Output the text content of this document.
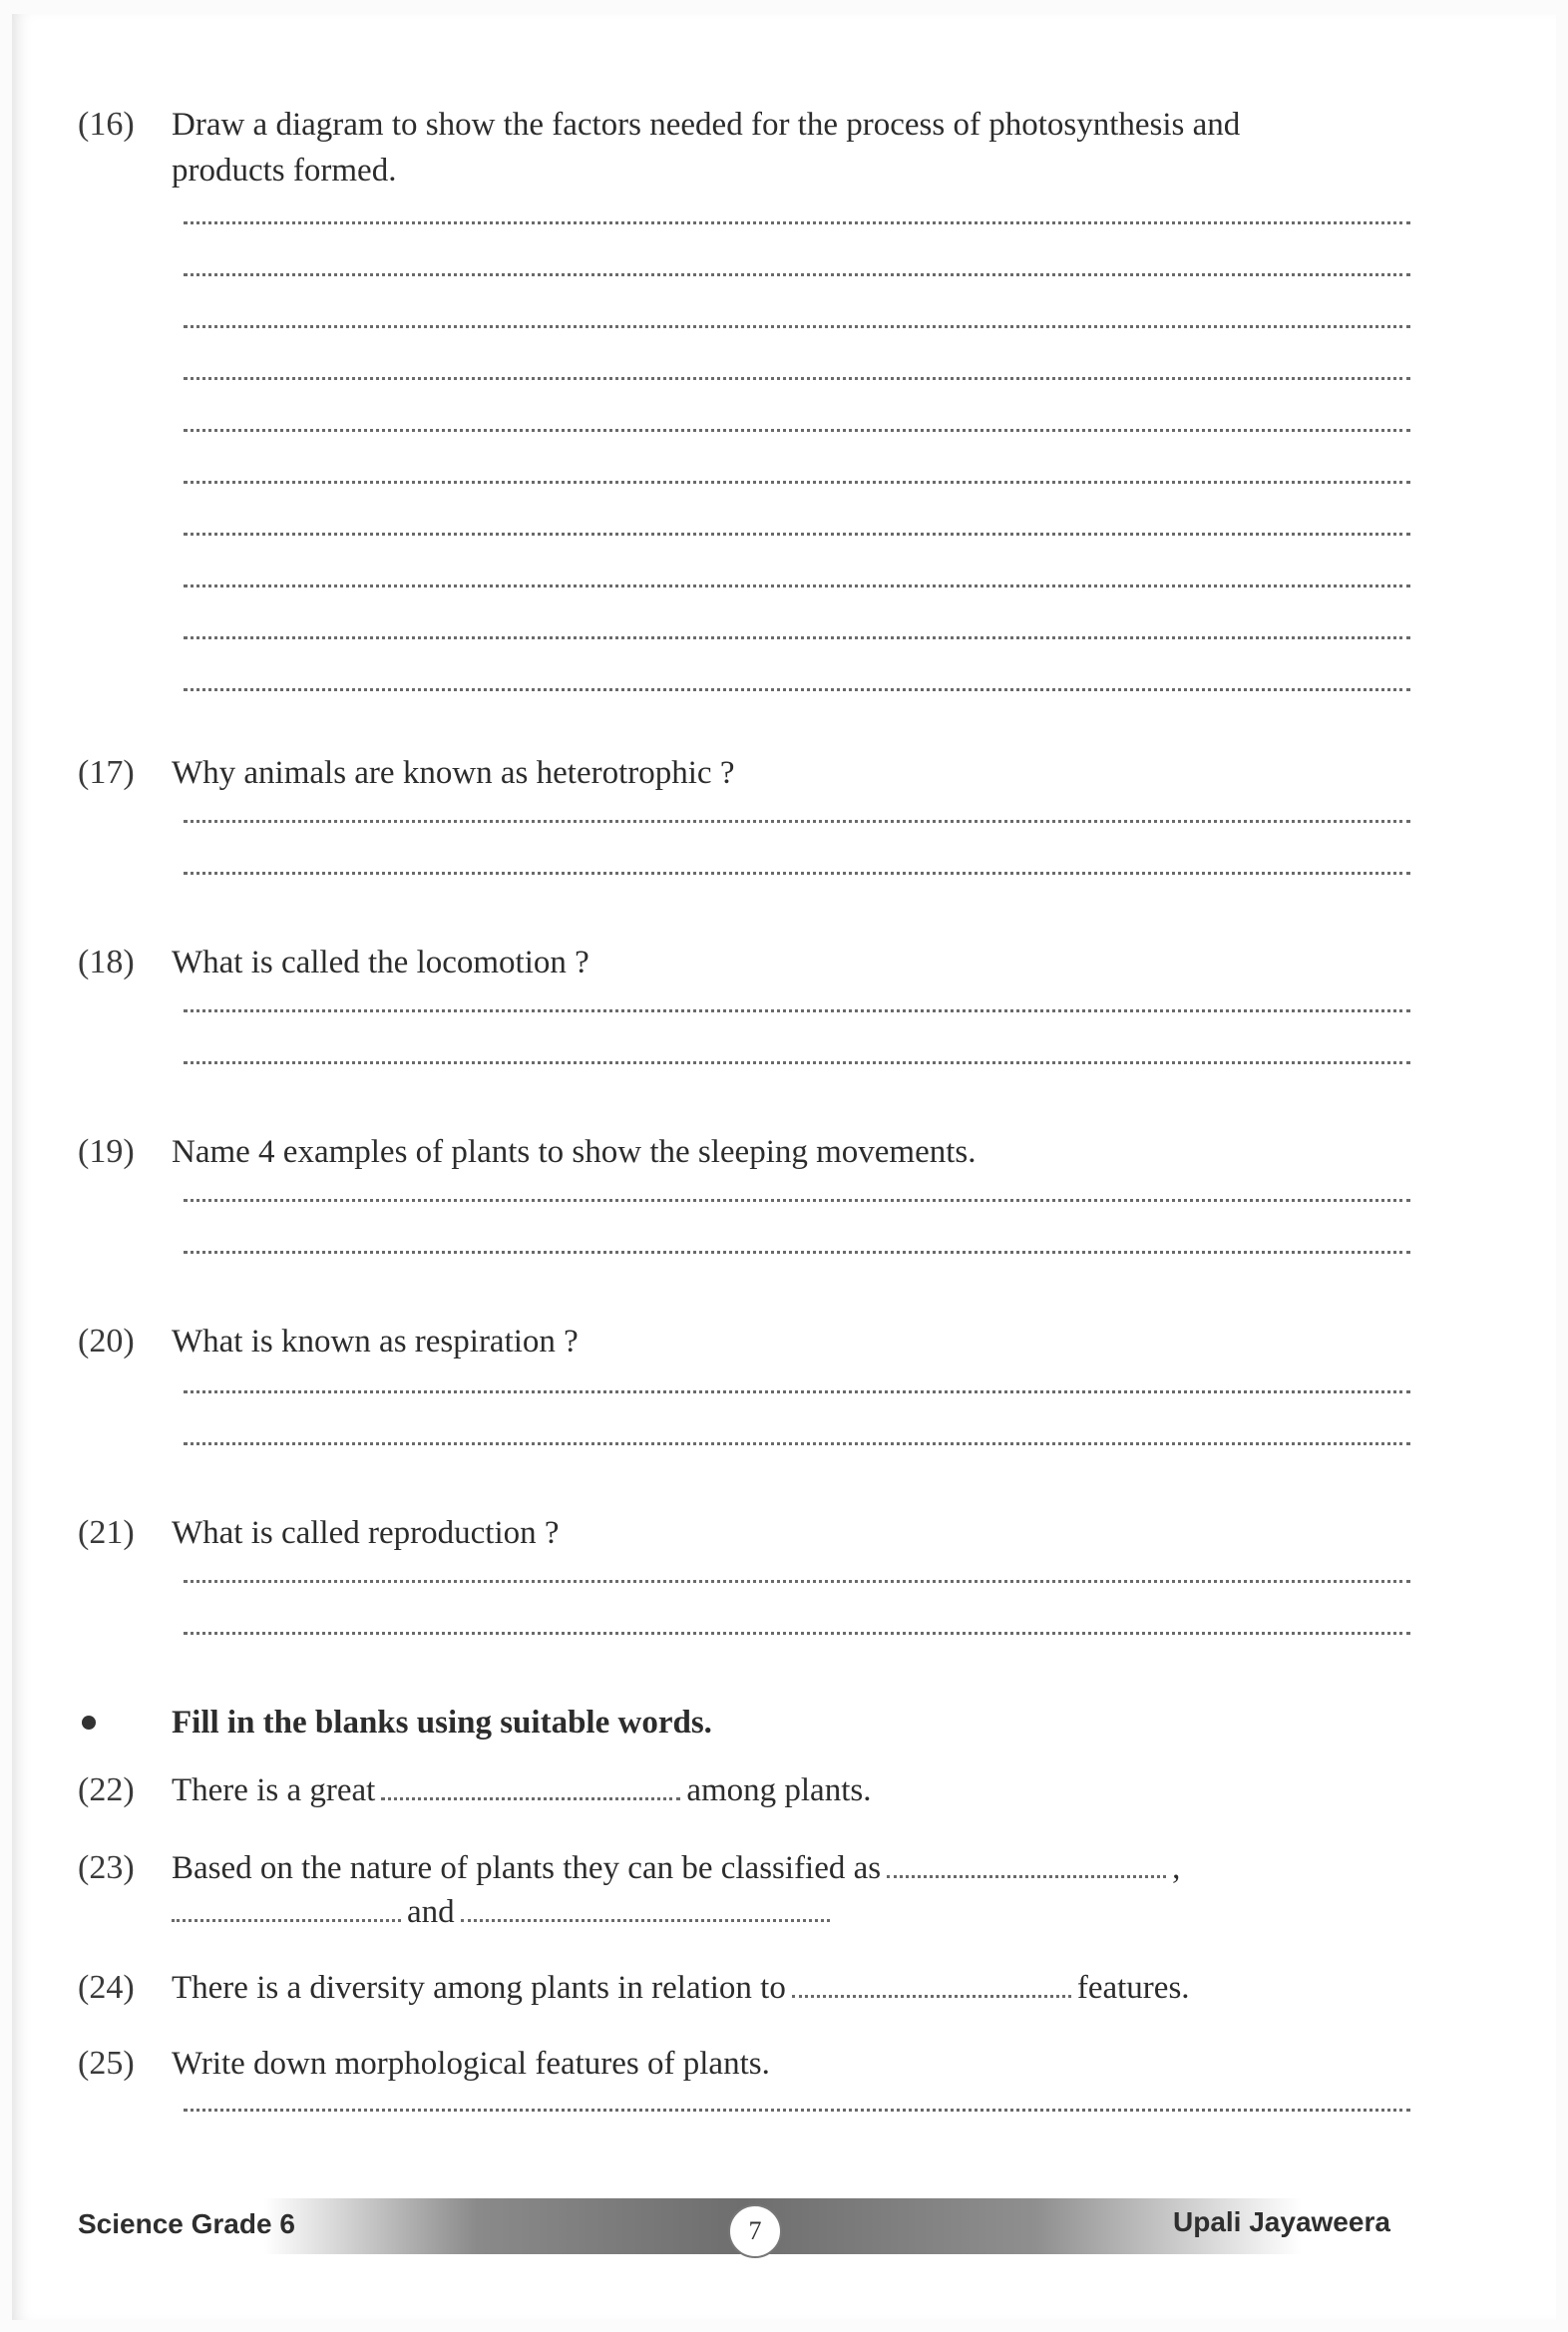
(16) Draw a diagram to show the factors needed for the process of photosynthesis and
products formed.
(17) Why animals are known as heterotrophic ?
(18) What is called the locomotion ?
(19) Name 4 examples of plants to show the sleeping movements.
(20) What is known as respiration ?
(21) What is called reproduction ?
Fill in the blanks using suitable words.
(22) There is a great	among plants.
(23) Based on the nature of plants they can be classified as	,
and
(24) There is a diversity among plants in relation to	features.
(25) Write down morphological features of plants.
Science Grade 6	7	Upali Jayaweera
